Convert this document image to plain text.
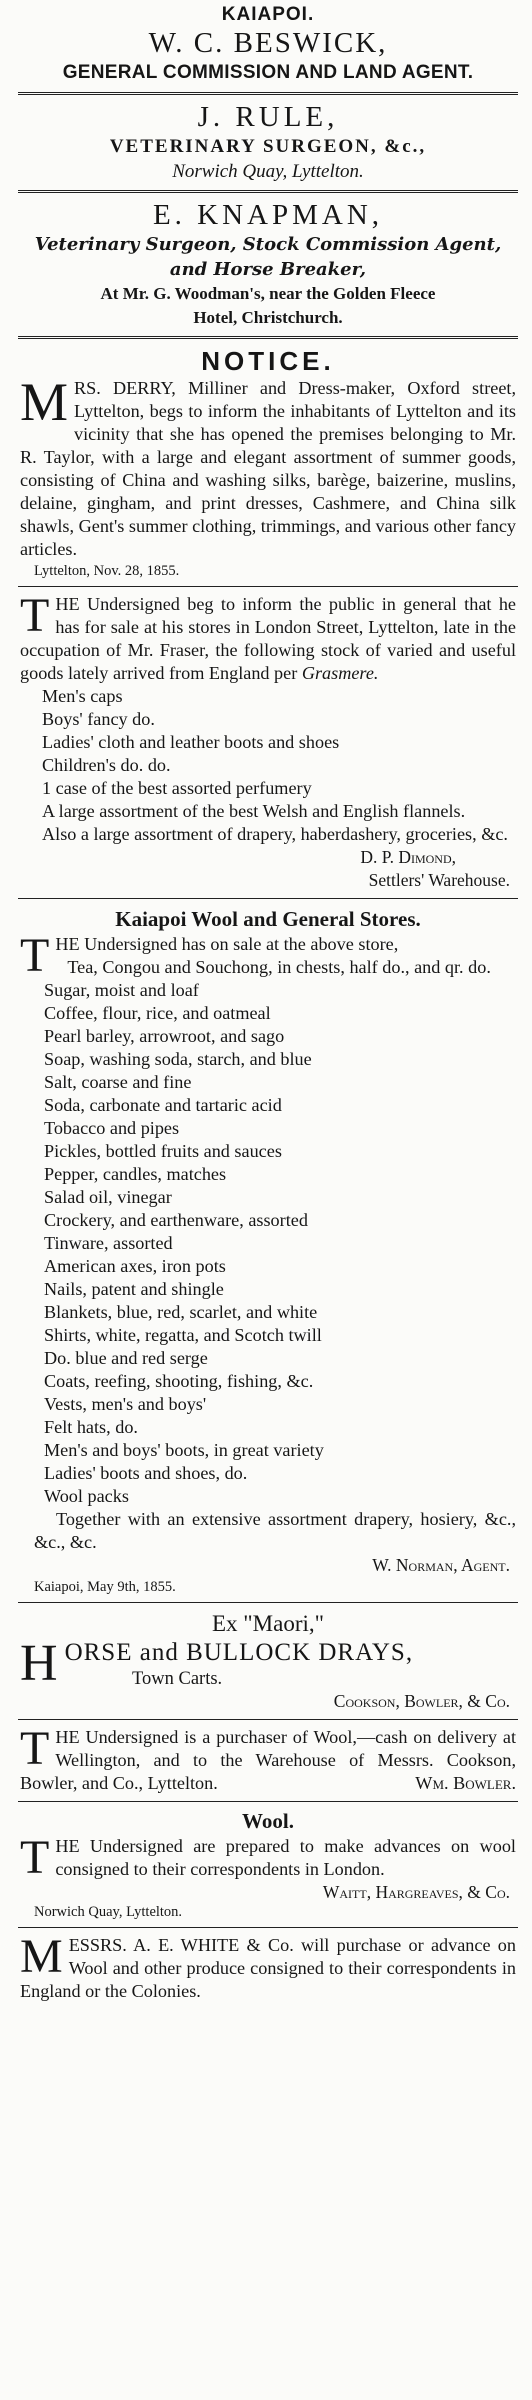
KAIAPOI.
W. C. BESWICK,
GENERAL COMMISSION AND LAND AGENT.
J. RULE,
VETERINARY SURGEON, &c.,
Norwich Quay, Lyttelton.
E. KNAPMAN,
Veterinary Surgeon, Stock Commission Agent,
and Horse Breaker,
At Mr. G. Woodman's, near the Golden Fleece
Hotel, Christchurch.
NOTICE.
M RS. DERRY, Milliner and Dress-maker, Oxford street, Lyttelton, begs to inform the inhabitants of Lyttelton and its vicinity that she has opened the premises belonging to Mr. R. Taylor, with a large and elegant assortment of summer goods, consisting of China and washing silks, barège, baizerine, muslins, delaine, gingham, and print dresses, Cashmere, and China silk shawls, Gent's summer clothing, trimmings, and various other fancy articles.
Lyttelton, Nov. 28, 1855.
T HE Undersigned beg to inform the public in general that he has for sale at his stores in London Street, Lyttelton, late in the occupation of Mr. Fraser, the following stock of varied and useful goods lately arrived from England per Grasmere.
Men's caps
Boys' fancy do.
Ladies' cloth and leather boots and shoes
Children's do. do.
1 case of the best assorted perfumery
A large assortment of the best Welsh and English flannels.
Also a large assortment of drapery, haberdashery, groceries, &c.
D. P. Dimond,
Settlers' Warehouse.
Kaiapoi Wool and General Stores.
T HE Undersigned has on sale at the above store,
Tea, Congou and Souchong, in chests, half do., and qr. do.
Sugar, moist and loaf
Coffee, flour, rice, and oatmeal
Pearl barley, arrowroot, and sago
Soap, washing soda, starch, and blue
Salt, coarse and fine
Soda, carbonate and tartaric acid
Tobacco and pipes
Pickles, bottled fruits and sauces
Pepper, candles, matches
Salad oil, vinegar
Crockery, and earthenware, assorted
Tinware, assorted
American axes, iron pots
Nails, patent and shingle
Blankets, blue, red, scarlet, and white
Shirts, white, regatta, and Scotch twill
Do. blue and red serge
Coats, reefing, shooting, fishing, &c.
Vests, men's and boys'
Felt hats, do.
Men's and boys' boots, in great variety
Ladies' boots and shoes, do.
Wool packs
Together with an extensive assortment drapery, hosiery, &c., &c., &c.
W. Norman, Agent.
Kaiapoi, May 9th, 1855.
Ex "Maori,"
H ORSE and BULLOCK DRAYS,
Town Carts.
Cookson, Bowler, & Co.
T HE Undersigned is a purchaser of Wool,—cash on delivery at Wellington, and to the Warehouse of Messrs. Cookson, Bowler, and Co., Lyttelton.	Wm. Bowler.
Wool.
T HE Undersigned are prepared to make advances on wool consigned to their correspondents in London.
Waitt, Hargreaves, & Co.
Norwich Quay, Lyttelton.
M ESSRS. A. E. WHITE & Co. will purchase or advance on Wool and other produce consigned to their correspondents in England or the Colonies.
